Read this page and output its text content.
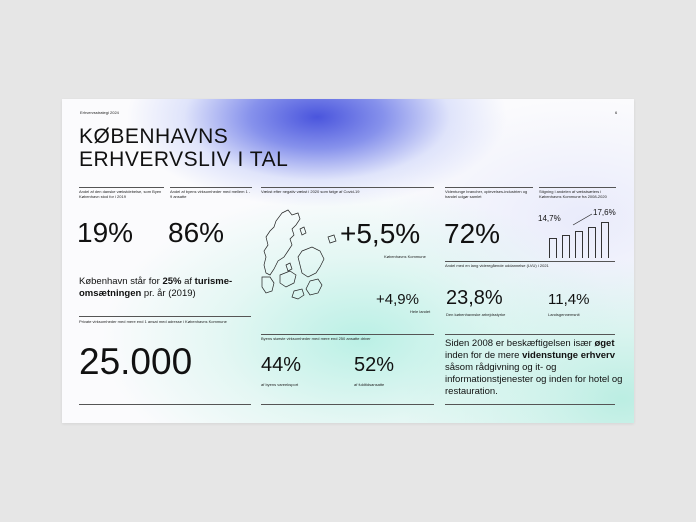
Erhvervsstrategi 2024	6
KØBENHAVNS
ERHVERVSLIV I TAL
Andel af den danske vækstdebelse, som Byen København stod for i 2019
19%
Andel af byens virksomheder med mellem 1 - 9 ansatte
86%
København står for 25% af turisme-omsætningen pr. år (2019)
Private virksomheder med mere end 1 ansat med adresse i Københavns Kommune
25.000
Vækst efter negativ vækst i 2020 som følge af Covid-19
+5,5%
Københavns Kommune
+4,9%
Hele landet
Byens største virksomheder med mere end 250 ansatte driver
44%
af byens vareeksport
52%
af fuldtidsansatte
Videntunge brancher, oplevelses-industrien og handel udgør samlet
72%
Andel med en lang videregående uddannelse (LVU) i 2021
23,8%
Den københavnske arbejdsstyrke
11,4%
Landsgennemsnit
Siden 2008 er beskæftigelsen især øget inden for de mere videnstunge erhverv såsom rådgivning og it- og informationstjenester og inden for hotel og restauration.
Stigning i andelen af vækstsæters i Københavns Kommune fra 2008-2020
14,7%
17,6%
